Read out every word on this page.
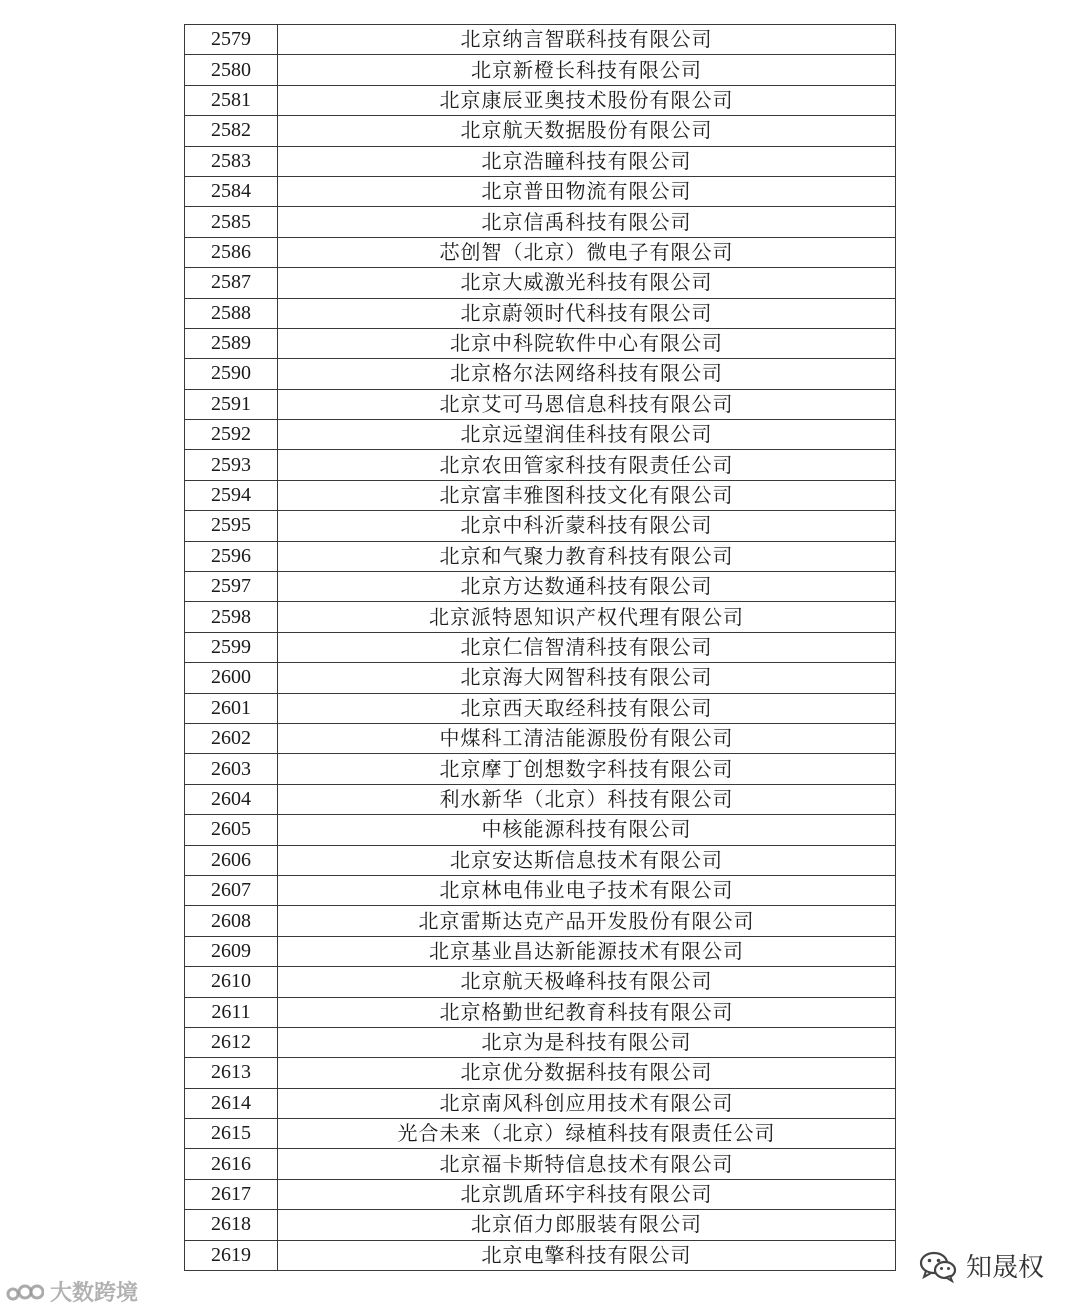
2579	北京纳言智联科技有限公司
2580	北京新橙长科技有限公司
2581	北京康辰亚奥技术股份有限公司
2582	北京航天数据股份有限公司
2583	北京浩瞳科技有限公司
2584	北京普田物流有限公司
2585	北京信禹科技有限公司
2586	芯创智（北京）微电子有限公司
2587	北京大威激光科技有限公司
2588	北京蔚领时代科技有限公司
2589	北京中科院软件中心有限公司
2590	北京格尔法网络科技有限公司
2591	北京艾可马恩信息科技有限公司
2592	北京远望润佳科技有限公司
2593	北京农田管家科技有限责任公司
2594	北京富丰雅图科技文化有限公司
2595	北京中科沂蒙科技有限公司
2596	北京和气聚力教育科技有限公司
2597	北京方达数通科技有限公司
2598	北京派特恩知识产权代理有限公司
2599	北京仁信智清科技有限公司
2600	北京海大网智科技有限公司
2601	北京西天取经科技有限公司
2602	中煤科工清洁能源股份有限公司
2603	北京摩丁创想数字科技有限公司
2604	利水新华（北京）科技有限公司
2605	中核能源科技有限公司
2606	北京安达斯信息技术有限公司
2607	北京林电伟业电子技术有限公司
2608	北京雷斯达克产品开发股份有限公司
2609	北京基业昌达新能源技术有限公司
2610	北京航天极峰科技有限公司
2611	北京格勤世纪教育科技有限公司
2612	北京为是科技有限公司
2613	北京优分数据科技有限公司
2614	北京南风科创应用技术有限公司
2615	光合未来（北京）绿植科技有限责任公司
2616	北京福卡斯特信息技术有限公司
2617	北京凯盾环宇科技有限公司
2618	北京佰力郎服装有限公司
2619	北京电擎科技有限公司
大数跨境
知晟权
